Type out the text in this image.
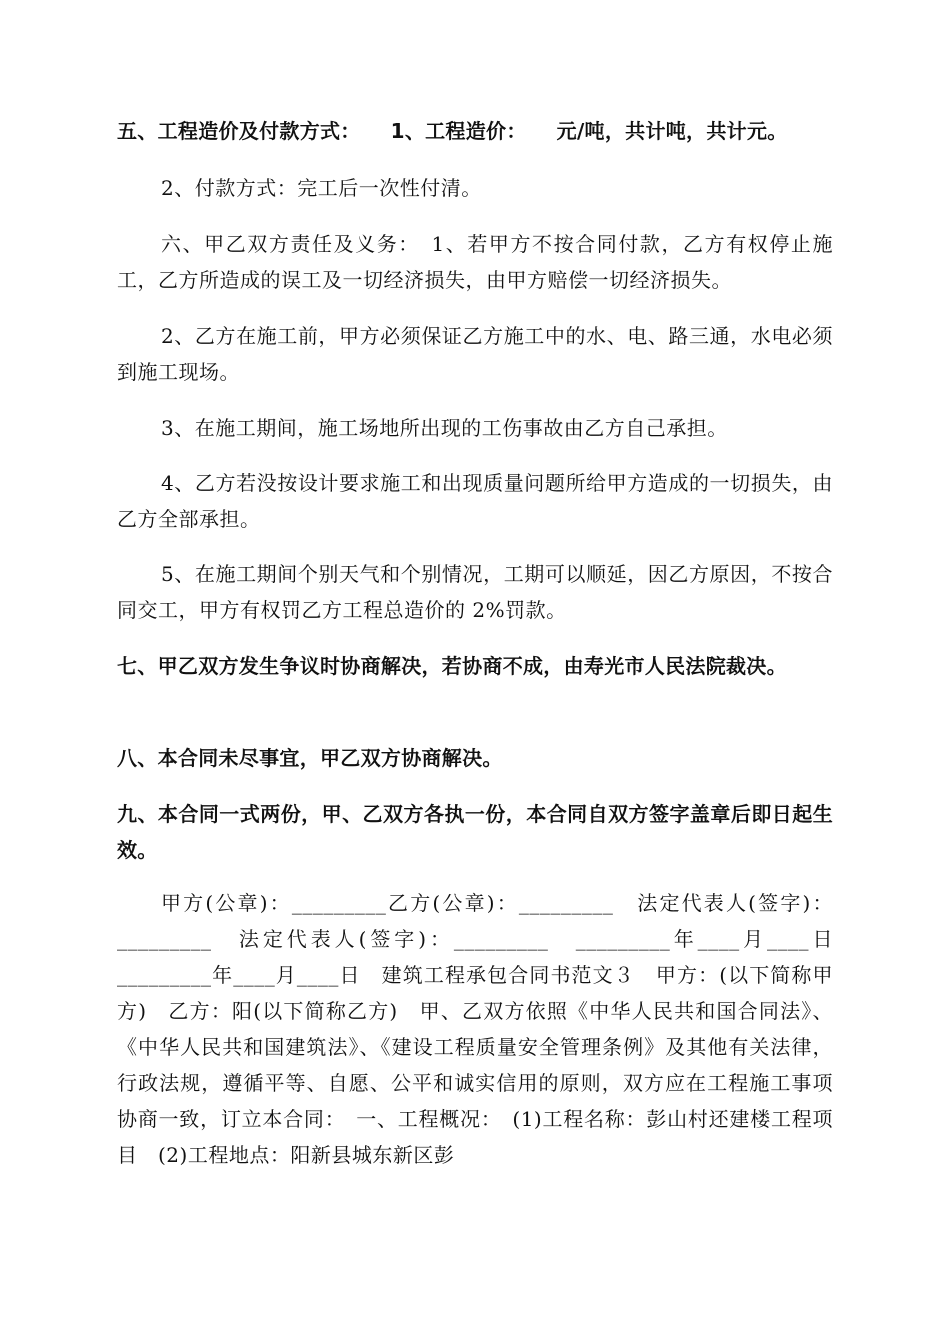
五、工程造价及付款方式： 1、工程造价： 元/吨，共计吨，共计元。

2、付款方式：完工后一次性付清。

六、甲乙双方责任及义务：　1、若甲方不按合同付款，乙方有权停止施工，乙方所造成的误工及一切经济损失，由甲方赔偿一切经济损失。

2、乙方在施工前，甲方必须保证乙方施工中的水、电、路三通，水电必须到施工现场。

3、在施工期间，施工场地所出现的工伤事故由乙方自己承担。

4、乙方若没按设计要求施工和出现质量问题所给甲方造成的一切损失，由乙方全部承担。

5、在施工期间个别天气和个别情况，工期可以顺延，因乙方原因，不按合同交工，甲方有权罚乙方工程总造价的 2%罚款。

七、甲乙双方发生争议时协商解决，若协商不成，由寿光市人民法院裁决。

八、本合同未尽事宜，甲乙双方协商解决。

九、本合同一式两份，甲、乙双方各执一份，本合同自双方签字盖章后即日起生效。

甲方(公章)：_________乙方(公章)：_________　法定代表人(签字)：_________　法定代表人(签字)：_________　_________年____月____日　_________年____月____日　建筑工程承包合同书范文３　甲方：(以下简称甲方)　乙方：阳(以下简称乙方)　甲、乙双方依照《中华人民共和国合同法》、《中华人民共和国建筑法》、《建设工程质量安全管理条例》及其他有关法律，行政法规，遵循平等、自愿、公平和诚实信用的原则，双方应在工程施工事项协商一致，订立本合同：　一、工程概况：　(1)工程名称：彭山村还建楼工程项目　(2)工程地点：阳新县城东新区彭
